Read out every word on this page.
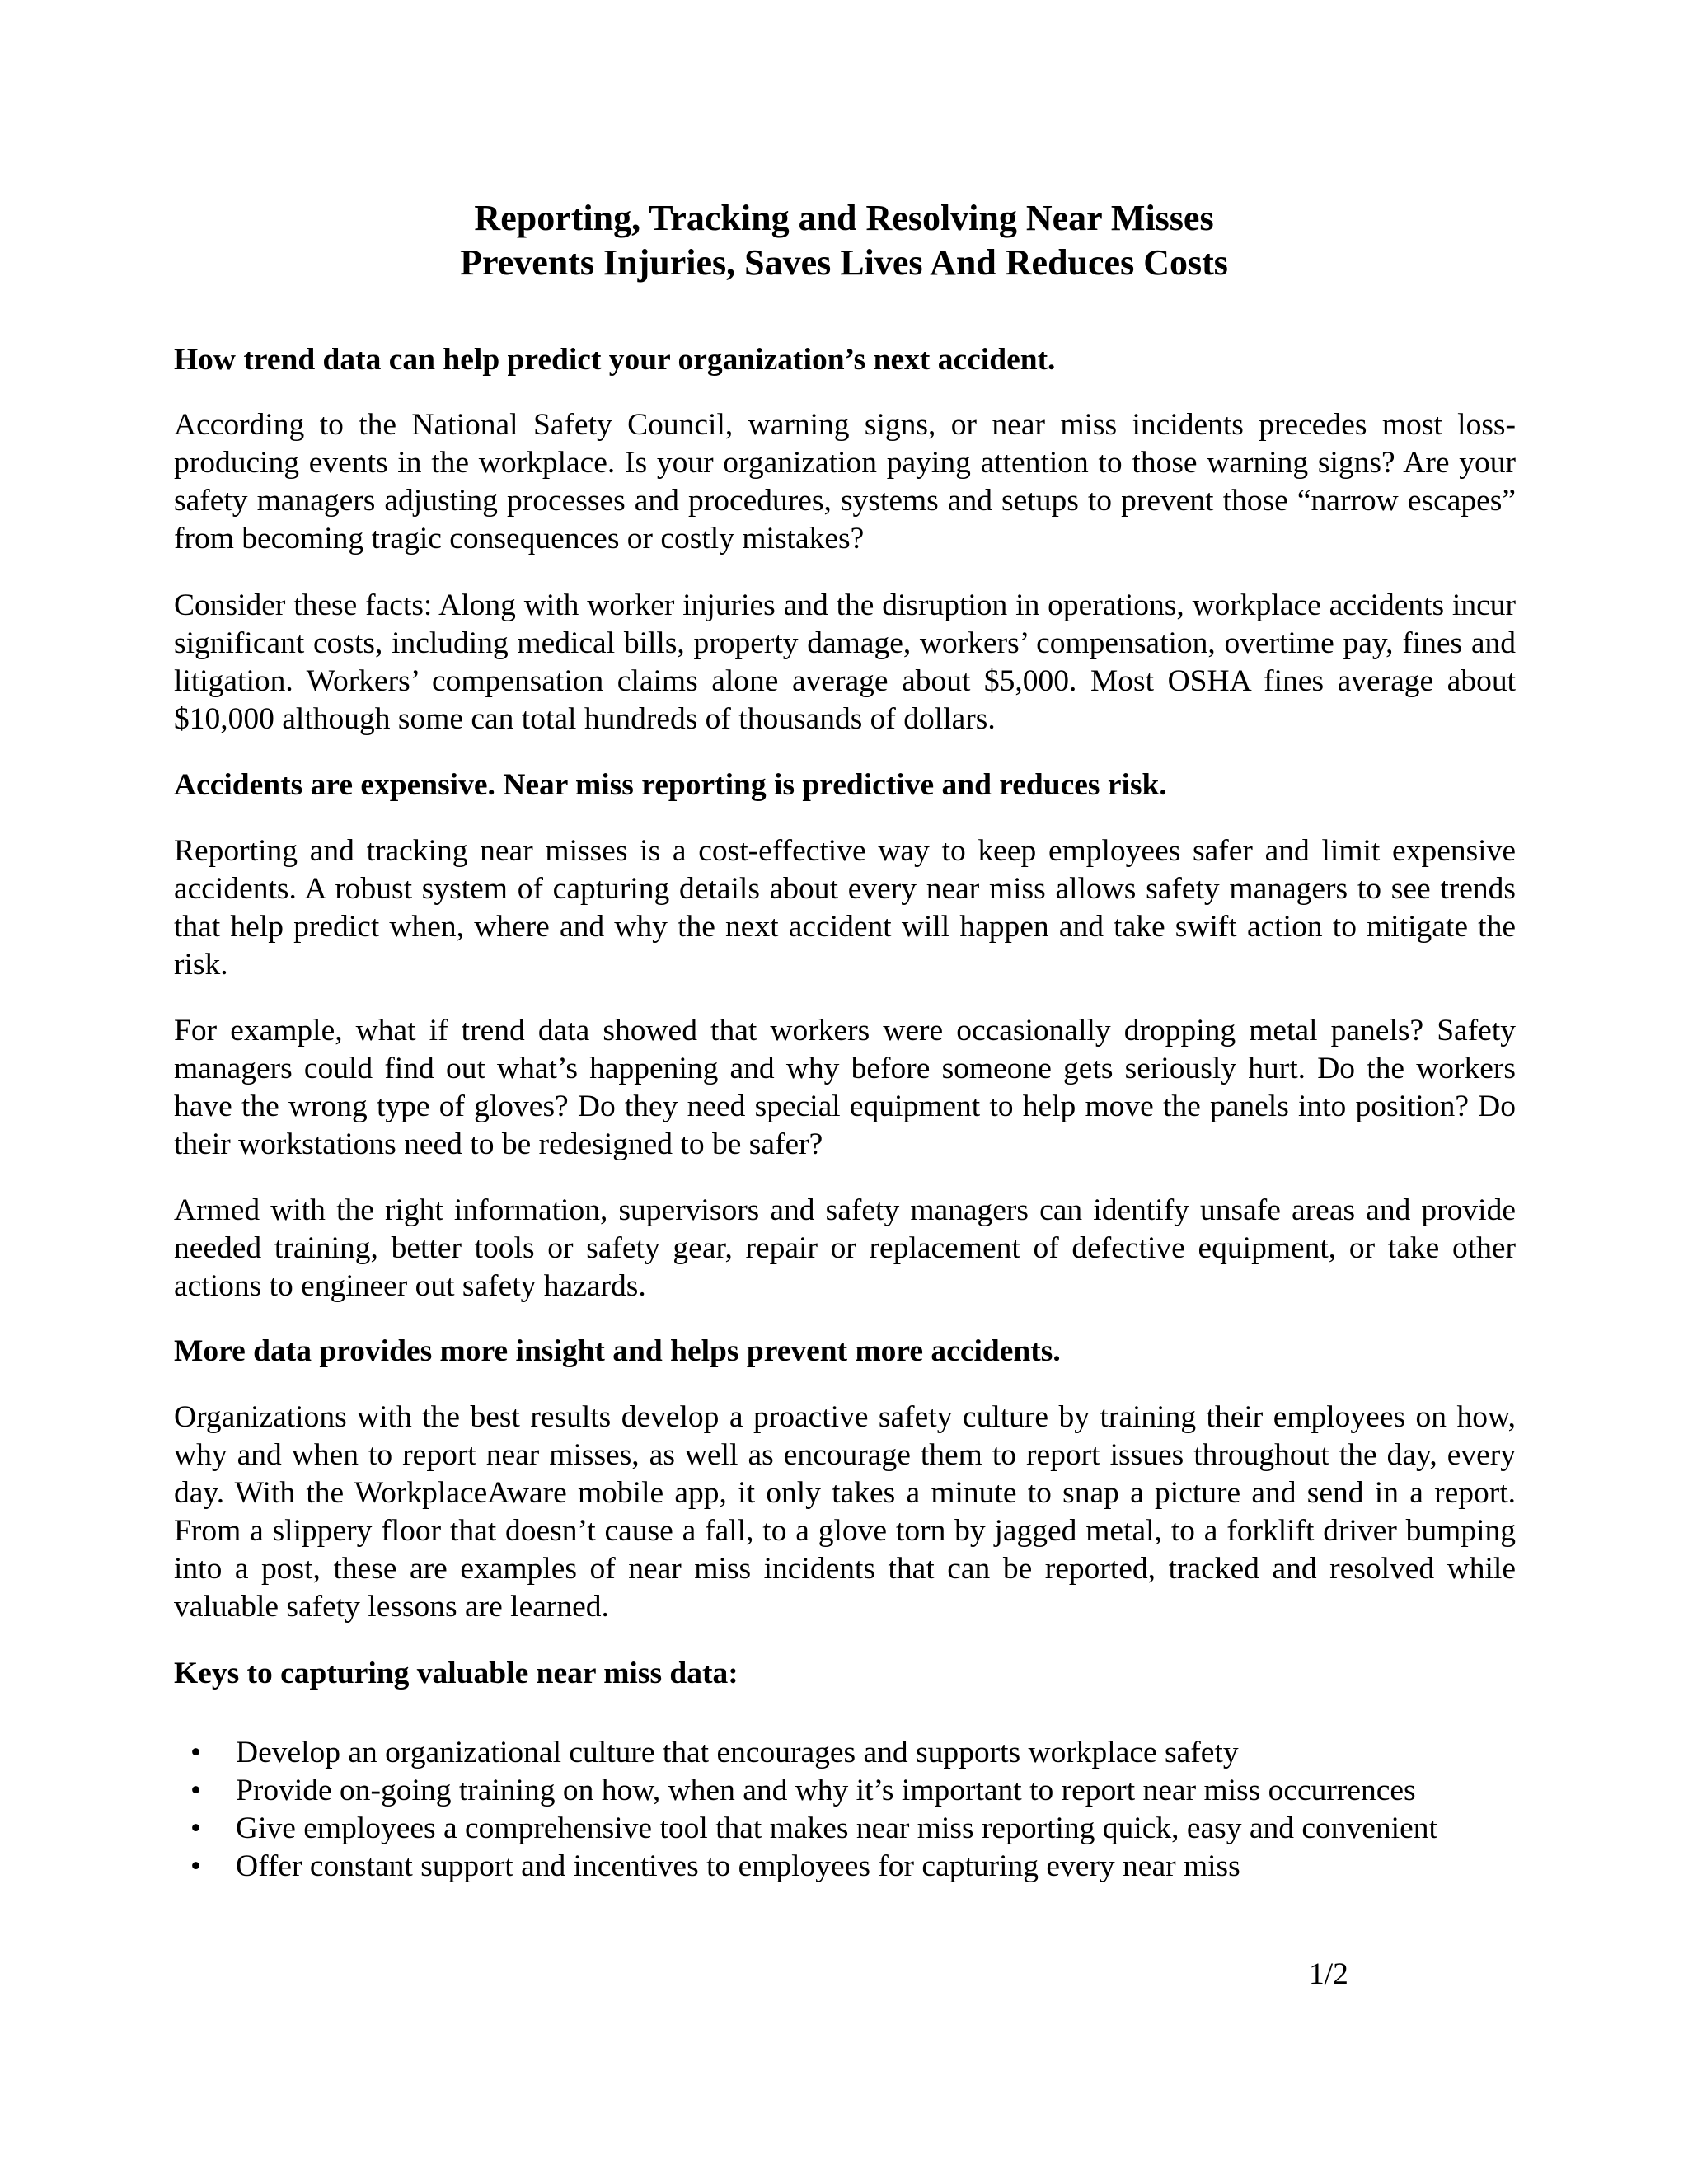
Reporting, Tracking and Resolving Near Misses
Prevents Injuries, Saves Lives And Reduces Costs
How trend data can help predict your organization’s next accident.

According to the National Safety Council, warning signs, or near miss incidents precedes most loss-producing events in the workplace. Is your organization paying attention to those warning signs? Are your safety managers adjusting processes and procedures, systems and setups to prevent those “narrow escapes” from becoming tragic consequences or costly mistakes?

Consider these facts: Along with worker injuries and the disruption in operations, workplace accidents incur significant costs, including medical bills, property damage, workers’ compensation, overtime pay, fines and litigation. Workers’ compensation claims alone average about $5,000. Most OSHA fines average about $10,000 although some can total hundreds of thousands of dollars.

Accidents are expensive. Near miss reporting is predictive and reduces risk.

Reporting and tracking near misses is a cost-effective way to keep employees safer and limit expensive accidents. A robust system of capturing details about every near miss allows safety managers to see trends that help predict when, where and why the next accident will happen and take swift action to mitigate the risk.

For example, what if trend data showed that workers were occasionally dropping metal panels? Safety managers could find out what’s happening and why before someone gets seriously hurt. Do the workers have the wrong type of gloves? Do they need special equipment to help move the panels into position? Do their workstations need to be redesigned to be safer?

Armed with the right information, supervisors and safety managers can identify unsafe areas and provide needed training, better tools or safety gear, repair or replacement of defective equipment, or take other actions to engineer out safety hazards.

More data provides more insight and helps prevent more accidents.

Organizations with the best results develop a proactive safety culture by training their employees on how, why and when to report near misses, as well as encourage them to report issues throughout the day, every day. With the WorkplaceAware mobile app, it only takes a minute to snap a picture and send in a report. From a slippery floor that doesn’t cause a fall, to a glove torn by jagged metal, to a forklift driver bumping into a post, these are examples of near miss incidents that can be reported, tracked and resolved while valuable safety lessons are learned.

Keys to capturing valuable near miss data:
• Develop an organizational culture that encourages and supports workplace safety
• Provide on-going training on how, when and why it’s important to report near miss occurrences
• Give employees a comprehensive tool that makes near miss reporting quick, easy and convenient
• Offer constant support and incentives to employees for capturing every near miss
1/2
